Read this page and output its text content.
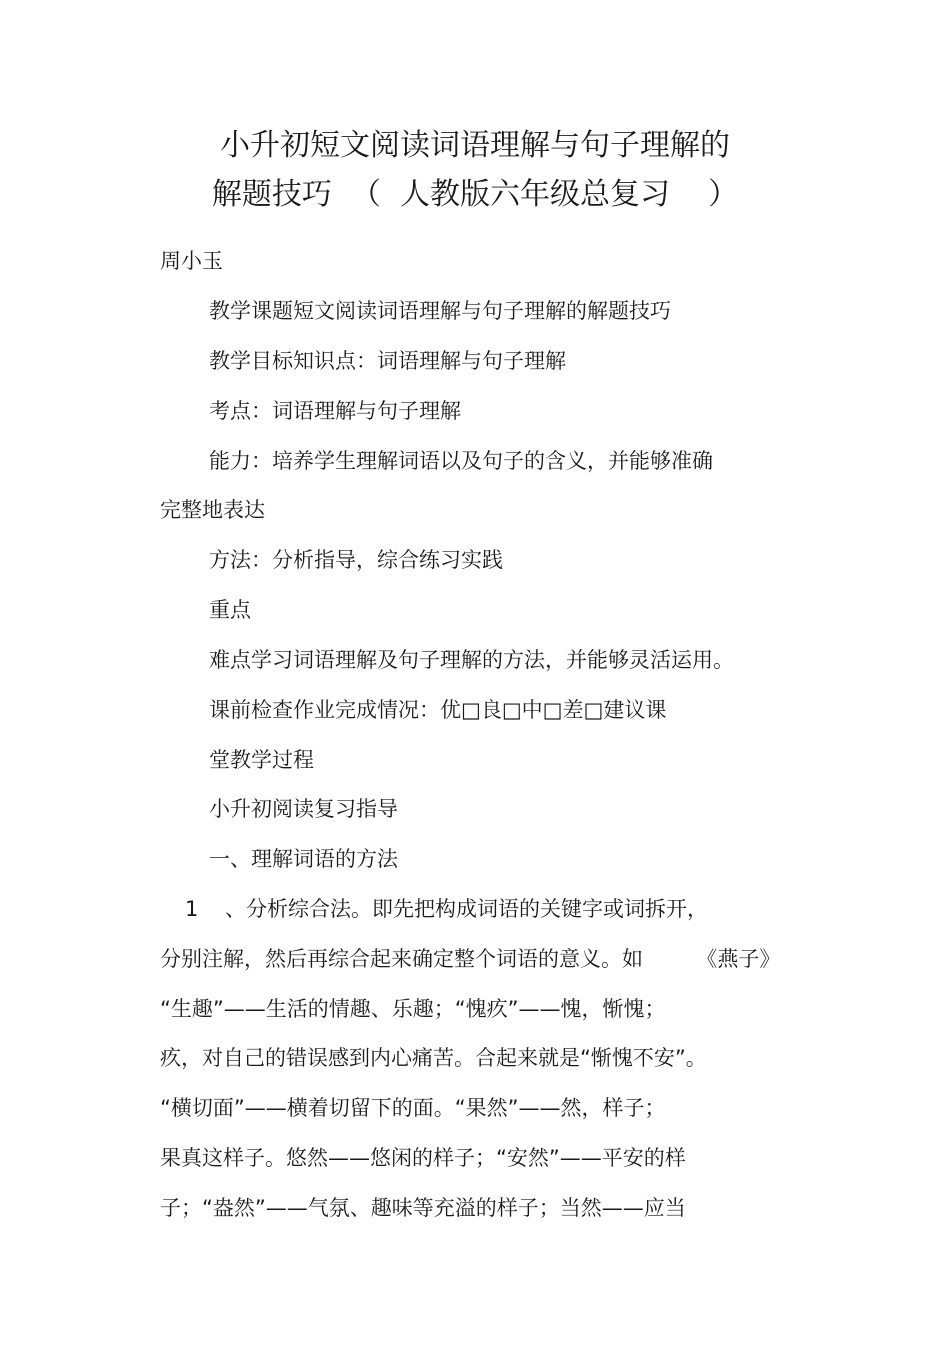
小升初短文阅读词语理解与句子理解的
解题技巧  （  人教版六年级总复习    ）
周小玉
教学课题短文阅读词语理解与句子理解的解题技巧
教学目标知识点：词语理解与句子理解
考点：词语理解与句子理解
能力：培养学生理解词语以及句子的含义，并能够准确
完整地表达
方法：分析指导，综合练习实践
重点
难点学习词语理解及句子理解的方法，并能够灵活运用。
课前检查作业完成情况：优□良□中□差□建议课
堂教学过程
小升初阅读复习指导
一、理解词语的方法
1    、分析综合法。即先把构成词语的关键字或词拆开，
分别注解，然后再综合起来确定整个词语的意义。如        《燕子》
“生趣”——生活的情趣、乐趣；“愧疚”——愧，惭愧；
疚，对自己的错误感到内心痛苦。合起来就是“惭愧不安”。
“横切面”——横着切留下的面。“果然”——然，样子；
果真这样子。悠然——悠闲的样子；“安然”——平安的样
子；“盎然”——气氛、趣味等充溢的样子；当然——应当
